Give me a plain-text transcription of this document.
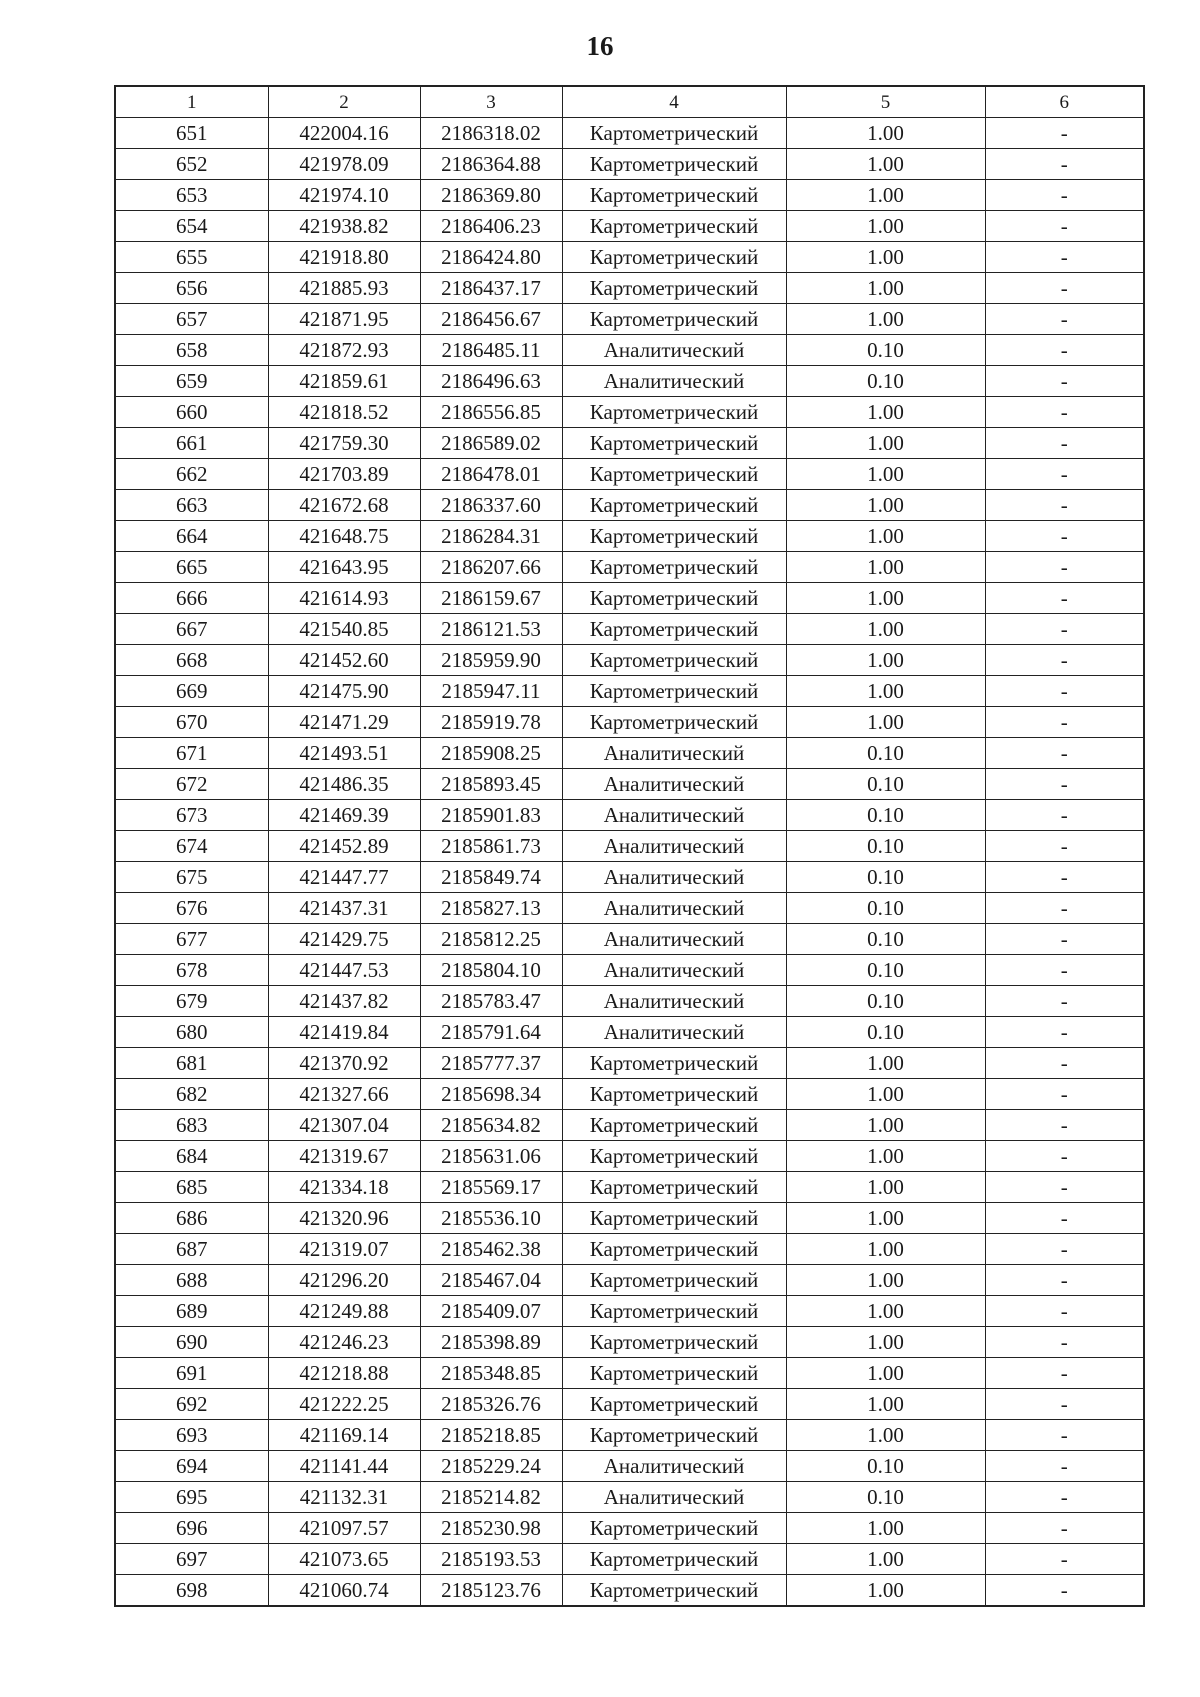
16
1	2	3	4	5	6
651	422004.16	2186318.02	Картометрический	1.00	-
652	421978.09	2186364.88	Картометрический	1.00	-
653	421974.10	2186369.80	Картометрический	1.00	-
654	421938.82	2186406.23	Картометрический	1.00	-
655	421918.80	2186424.80	Картометрический	1.00	-
656	421885.93	2186437.17	Картометрический	1.00	-
657	421871.95	2186456.67	Картометрический	1.00	-
658	421872.93	2186485.11	Аналитический	0.10	-
659	421859.61	2186496.63	Аналитический	0.10	-
660	421818.52	2186556.85	Картометрический	1.00	-
661	421759.30	2186589.02	Картометрический	1.00	-
662	421703.89	2186478.01	Картометрический	1.00	-
663	421672.68	2186337.60	Картометрический	1.00	-
664	421648.75	2186284.31	Картометрический	1.00	-
665	421643.95	2186207.66	Картометрический	1.00	-
666	421614.93	2186159.67	Картометрический	1.00	-
667	421540.85	2186121.53	Картометрический	1.00	-
668	421452.60	2185959.90	Картометрический	1.00	-
669	421475.90	2185947.11	Картометрический	1.00	-
670	421471.29	2185919.78	Картометрический	1.00	-
671	421493.51	2185908.25	Аналитический	0.10	-
672	421486.35	2185893.45	Аналитический	0.10	-
673	421469.39	2185901.83	Аналитический	0.10	-
674	421452.89	2185861.73	Аналитический	0.10	-
675	421447.77	2185849.74	Аналитический	0.10	-
676	421437.31	2185827.13	Аналитический	0.10	-
677	421429.75	2185812.25	Аналитический	0.10	-
678	421447.53	2185804.10	Аналитический	0.10	-
679	421437.82	2185783.47	Аналитический	0.10	-
680	421419.84	2185791.64	Аналитический	0.10	-
681	421370.92	2185777.37	Картометрический	1.00	-
682	421327.66	2185698.34	Картометрический	1.00	-
683	421307.04	2185634.82	Картометрический	1.00	-
684	421319.67	2185631.06	Картометрический	1.00	-
685	421334.18	2185569.17	Картометрический	1.00	-
686	421320.96	2185536.10	Картометрический	1.00	-
687	421319.07	2185462.38	Картометрический	1.00	-
688	421296.20	2185467.04	Картометрический	1.00	-
689	421249.88	2185409.07	Картометрический	1.00	-
690	421246.23	2185398.89	Картометрический	1.00	-
691	421218.88	2185348.85	Картометрический	1.00	-
692	421222.25	2185326.76	Картометрический	1.00	-
693	421169.14	2185218.85	Картометрический	1.00	-
694	421141.44	2185229.24	Аналитический	0.10	-
695	421132.31	2185214.82	Аналитический	0.10	-
696	421097.57	2185230.98	Картометрический	1.00	-
697	421073.65	2185193.53	Картометрический	1.00	-
698	421060.74	2185123.76	Картометрический	1.00	-
